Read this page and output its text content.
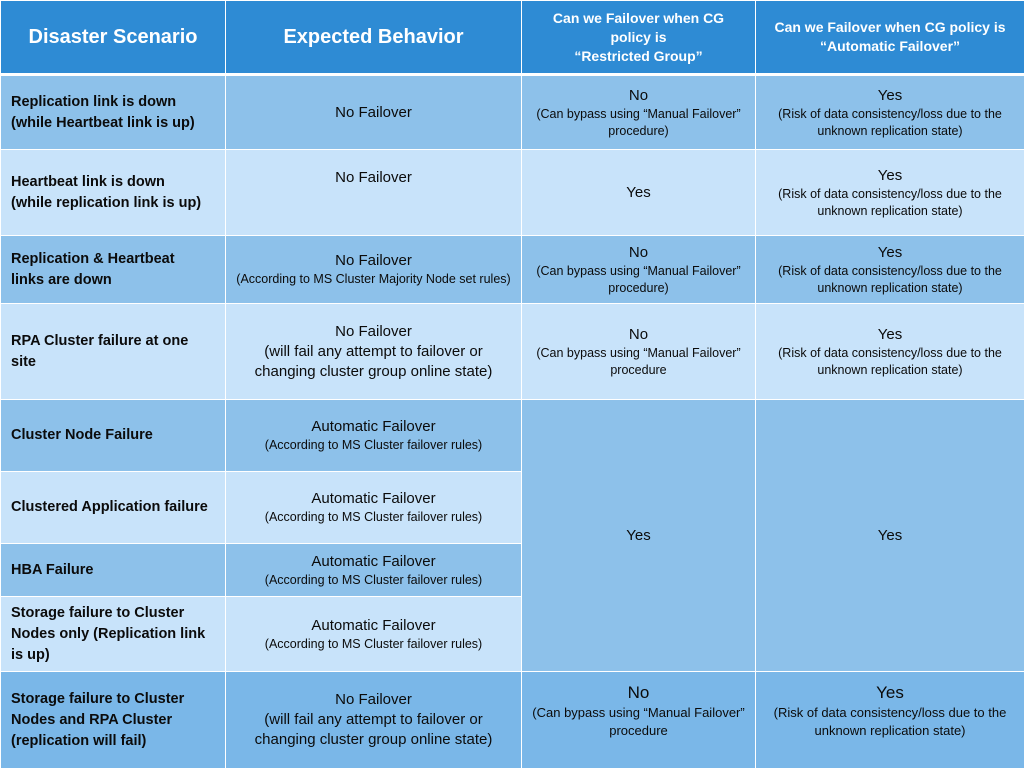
Disaster Scenario	Expected Behavior	Can we Failover when CG
policy is
“Restricted Group”	Can we Failover when CG policy is
“Automatic Failover”

Replication link is down
(while Heartbeat link is up)	No Failover	No
(Can bypass using “Manual Failover” procedure)	Yes
(Risk of data consistency/loss due to the unknown replication state)

Heartbeat link is down
(while replication link is up)	No Failover	Yes	Yes
(Risk of data consistency/loss due to the unknown replication state)

Replication & Heartbeat
links are down	No Failover
(According to MS Cluster Majority Node set rules)	No
(Can bypass using “Manual Failover” procedure)	Yes
(Risk of data consistency/loss due to the unknown replication state)

RPA Cluster failure at one
site	No Failover
(will fail any attempt to failover or changing cluster group online state)	No
(Can bypass using “Manual Failover” procedure	Yes
(Risk of data consistency/loss due to the unknown replication state)

Cluster Node Failure	Automatic Failover
(According to MS Cluster failover rules)	Yes	Yes

Clustered Application failure	Automatic Failover
(According to MS Cluster failover rules)		

HBA Failure	Automatic Failover
(According to MS Cluster failover rules)		

Storage failure to Cluster
Nodes only (Replication link
is up)	Automatic Failover
(According to MS Cluster failover rules)		

Storage failure to Cluster
Nodes and RPA Cluster
(replication will fail)	No Failover
(will fail any attempt to failover or changing cluster group online state)	No
(Can bypass using “Manual Failover” procedure	Yes
(Risk of data consistency/loss due to the unknown replication state)
